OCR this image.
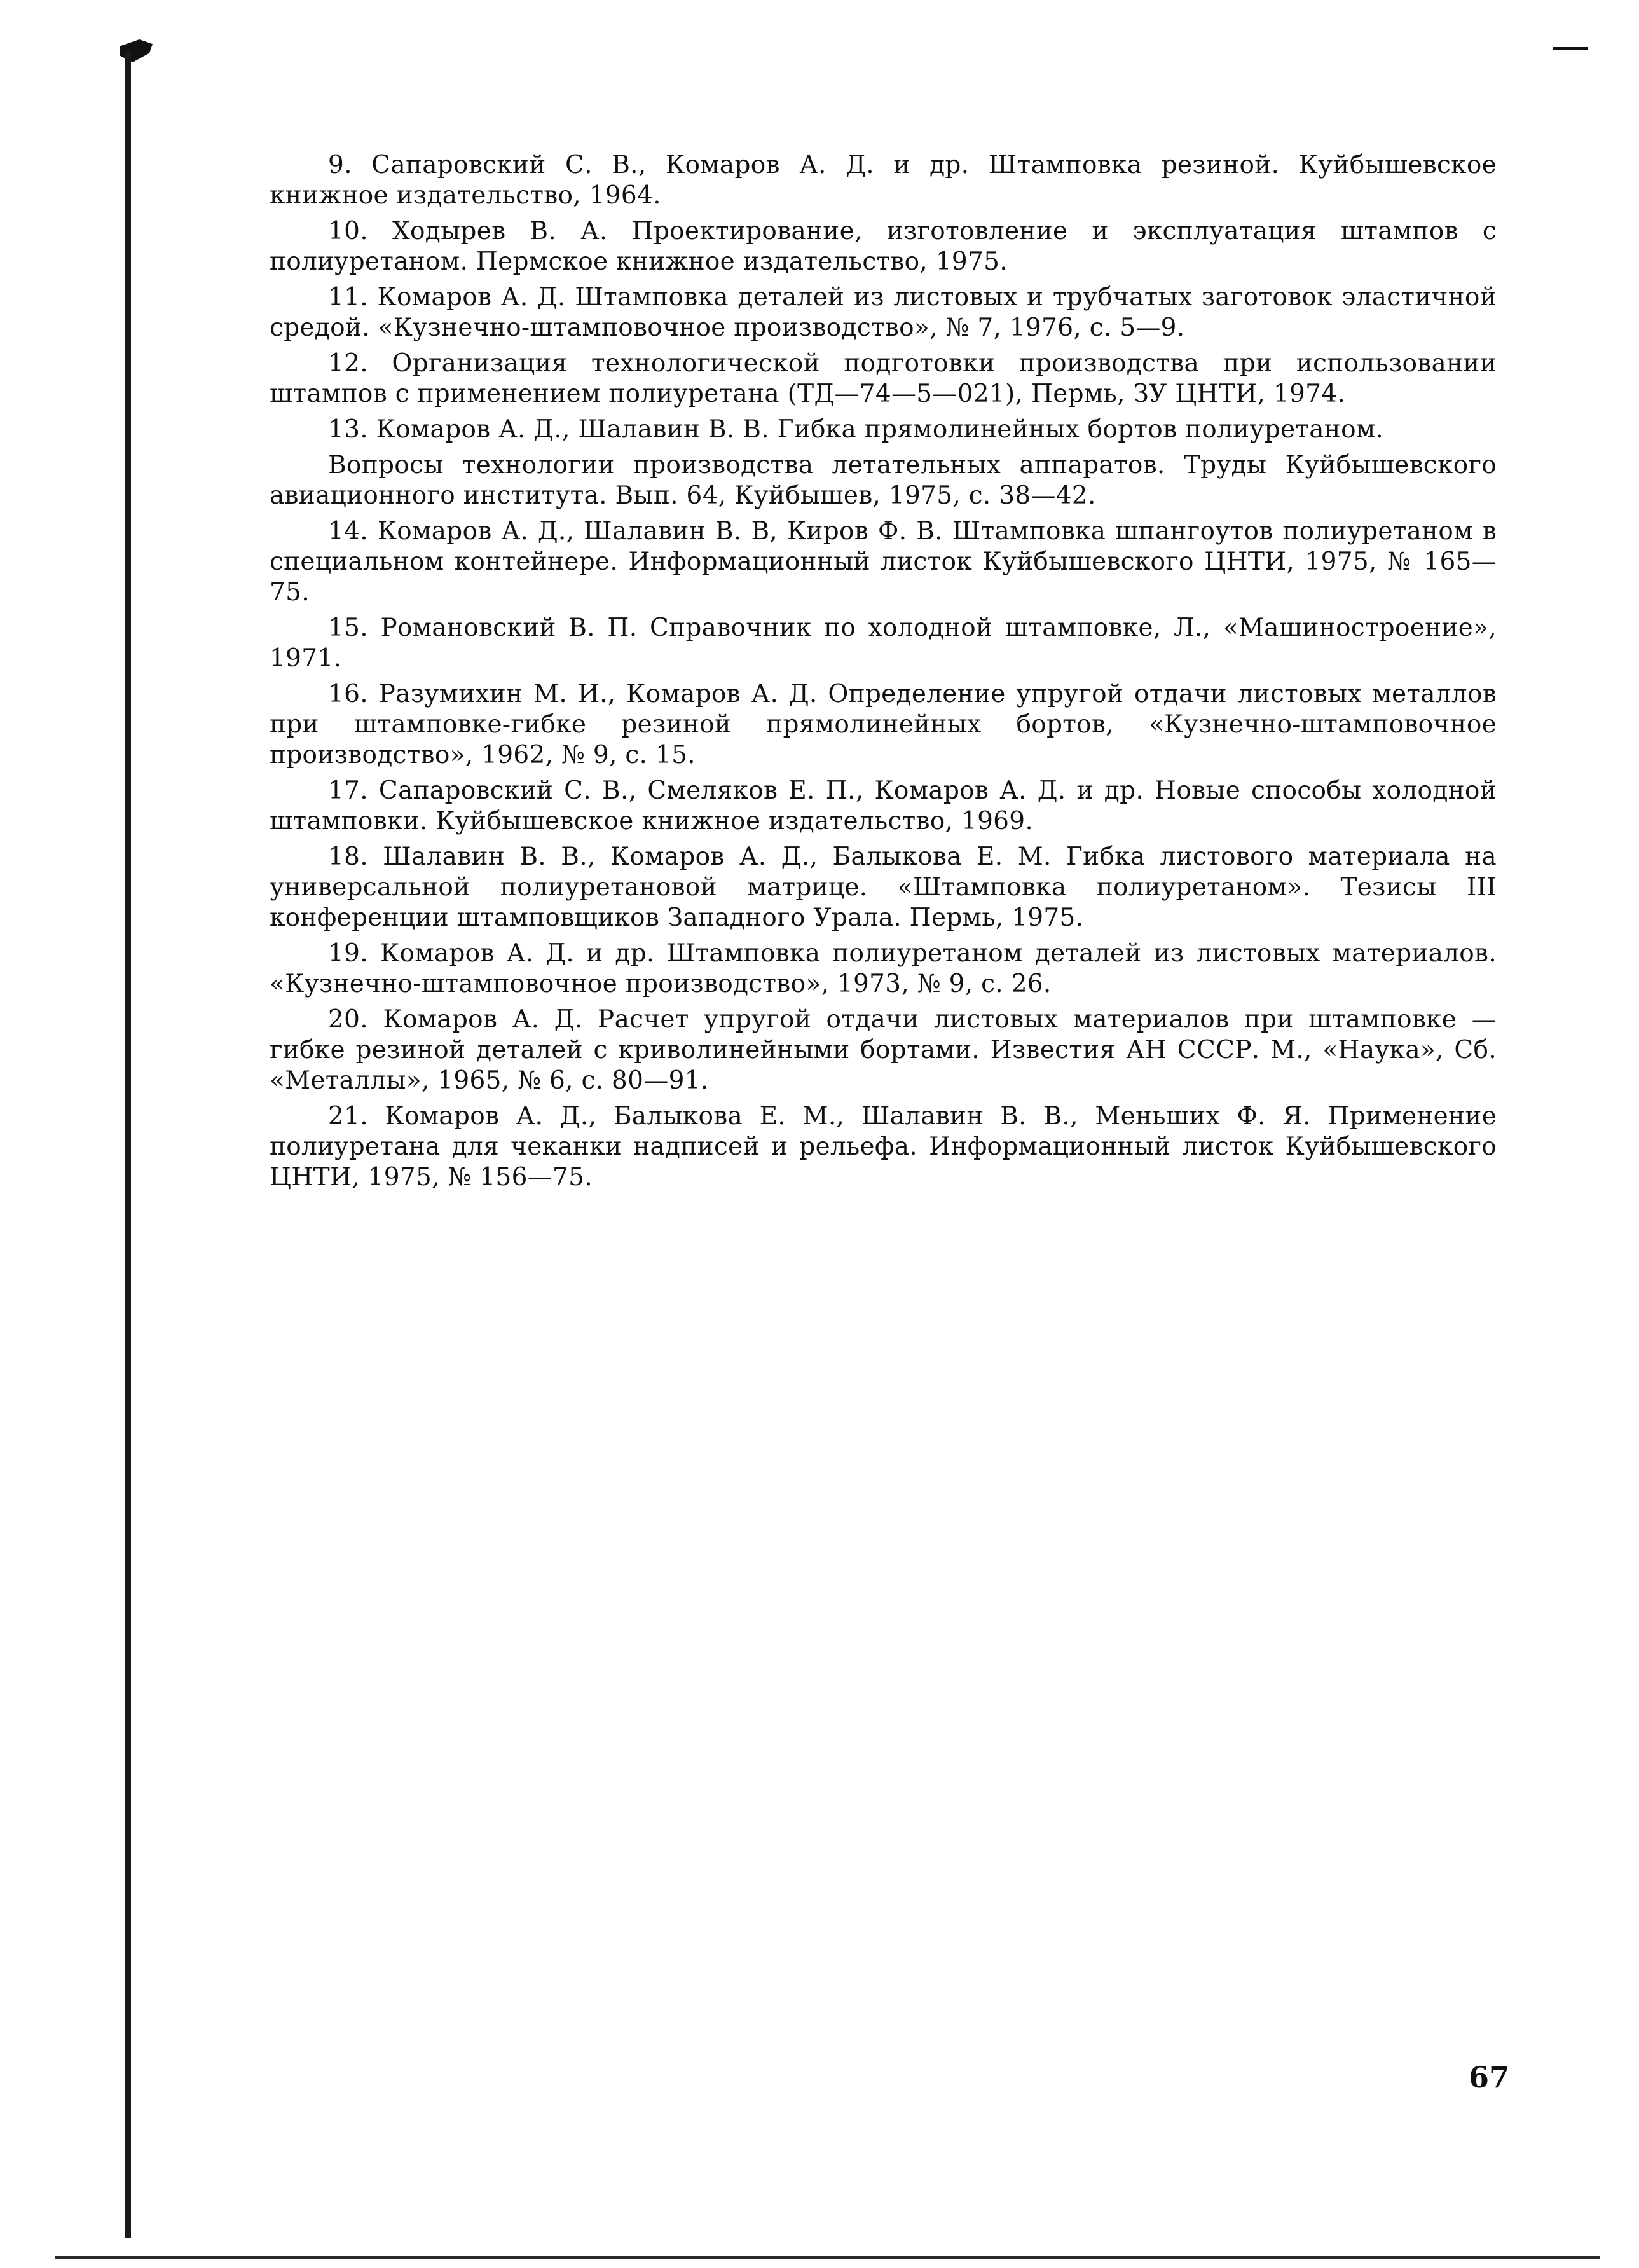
9. Сапаровский С. В., Комаров А. Д. и др. Штамповка резиной. Куйбышевское книжное издательство, 1964.

10. Ходырев В. А. Проектирование, изготовление и эксплуатация штампов с полиуретаном. Пермское книжное издательство, 1975.

11. Комаров А. Д. Штамповка деталей из листовых и трубчатых заготовок эластичной средой. «Кузнечно-штамповочное производство», № 7, 1976, с. 5—9.

12. Организация технологической подготовки производства при использовании штампов с применением полиуретана (ТД—74—5—021), Пермь, ЗУ ЦНТИ, 1974.

13. Комаров А. Д., Шалавин В. В. Гибка прямолинейных бортов полиуретаном.

Вопросы технологии производства летательных аппаратов. Труды Куйбышевского авиационного института. Вып. 64, Куйбышев, 1975, с. 38—42.

14. Комаров А. Д., Шалавин В. В, Киров Ф. В. Штамповка шпангоутов полиуретаном в специальном контейнере. Информационный листок Куйбышевского ЦНТИ, 1975, № 165—75.

15. Романовский В. П. Справочник по холодной штамповке, Л., «Машиностроение», 1971.

16. Разумихин М. И., Комаров А. Д. Определение упругой отдачи листовых металлов при штамповке-гибке резиной прямолинейных бортов, «Кузнечно-штамповочное производство», 1962, № 9, с. 15.

17. Сапаровский С. В., Смеляков Е. П., Комаров А. Д. и др. Новые способы холодной штамповки. Куйбышевское книжное издательство, 1969.

18. Шалавин В. В., Комаров А. Д., Балыкова Е. М. Гибка листового материала на универсальной полиуретановой матрице. «Штамповка полиуретаном». Тезисы III конференции штамповщиков Западного Урала. Пермь, 1975.

19. Комаров А. Д. и др. Штамповка полиуретаном деталей из листовых материалов. «Кузнечно-штамповочное производство», 1973, № 9, с. 26.

20. Комаров А. Д. Расчет упругой отдачи листовых материалов при штамповке — гибке резиной деталей с криволинейными бортами. Известия АН СССР. М., «Наука», Сб. «Металлы», 1965, № 6, с. 80—91.

21. Комаров А. Д., Балыкова Е. М., Шалавин В. В., Меньших Ф. Я. Применение полиуретана для чеканки надписей и рельефа. Информационный листок Куйбышевского ЦНТИ, 1975, № 156—75.

67
